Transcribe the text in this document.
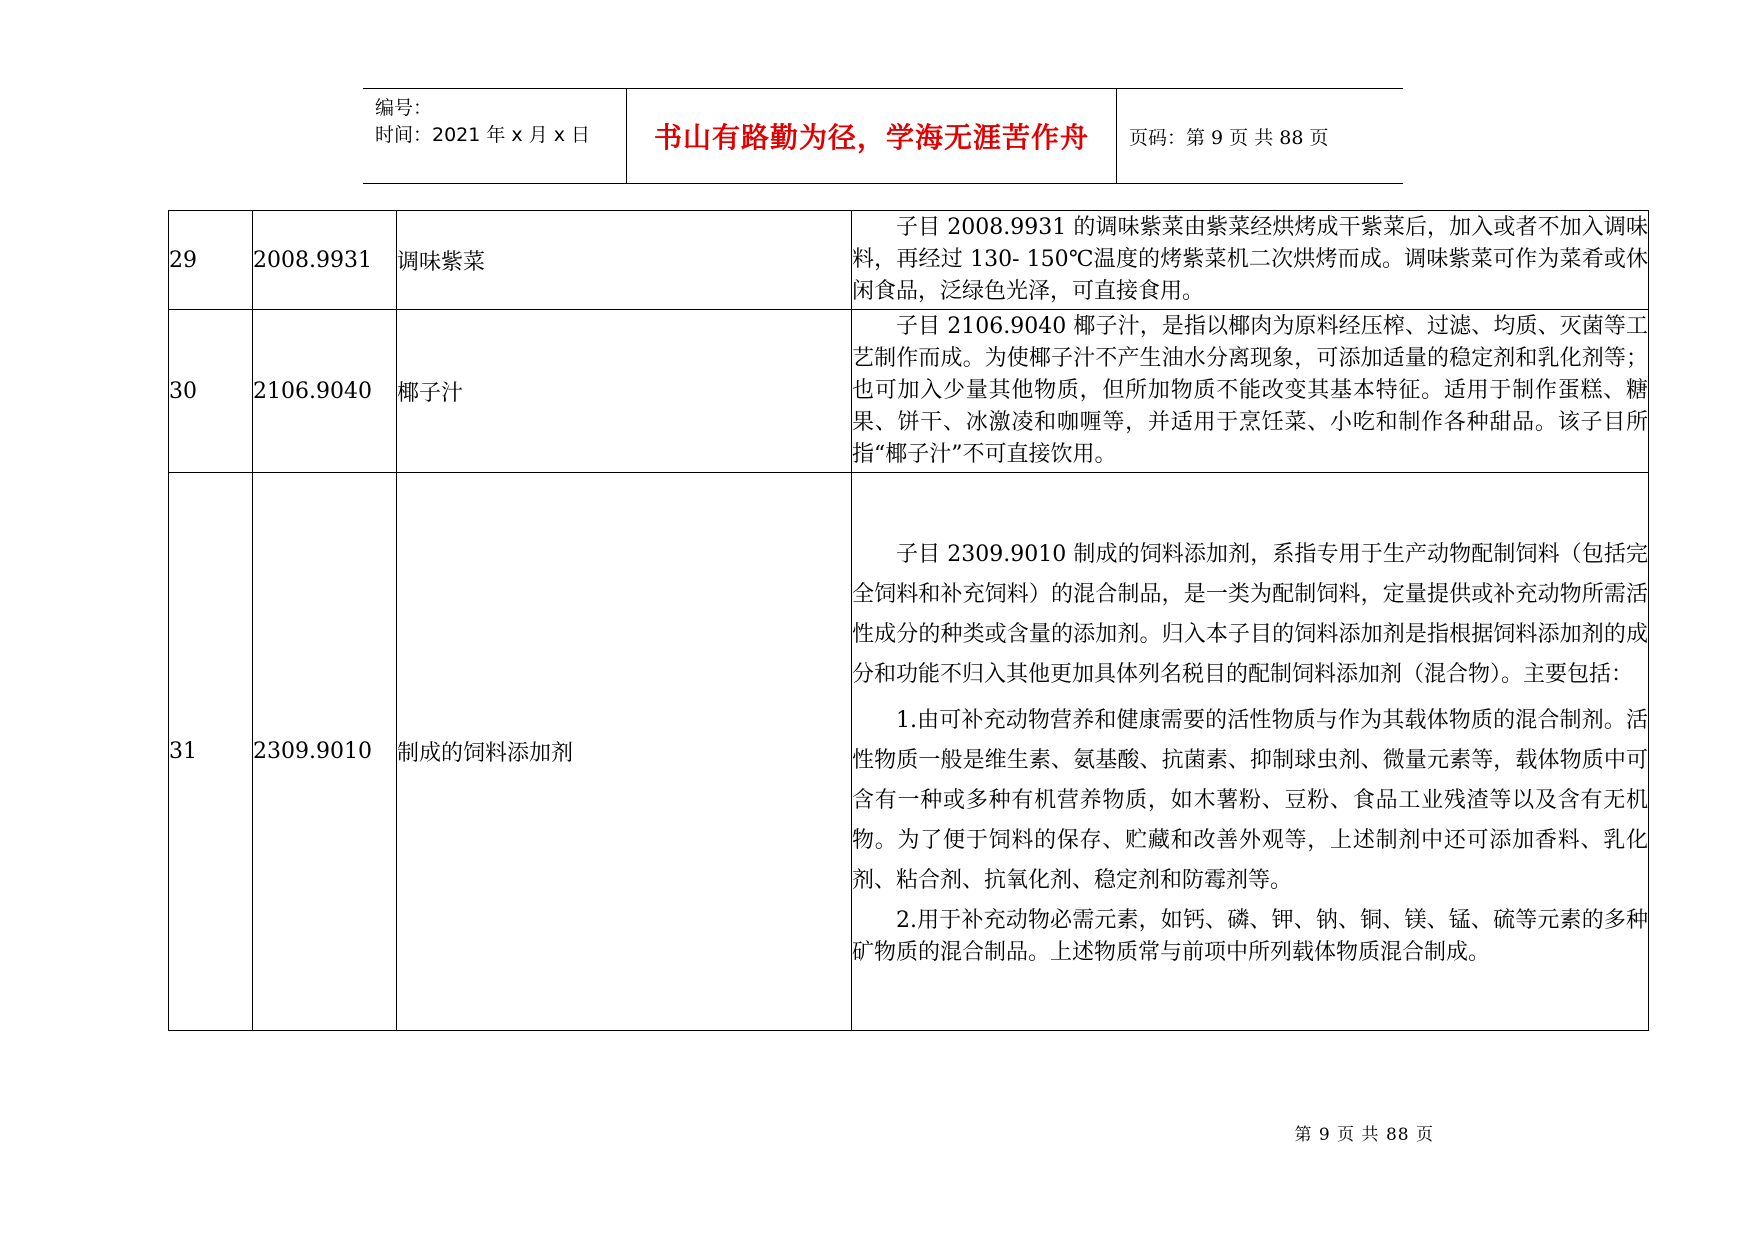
编号：
时间：2021 年 x 月 x 日	书山有路勤为径，学海无涯苦作舟	页码：第 9 页 共 88 页
29	2008.9931	调味紫菜	子目 2008.9931 的调味紫菜由紫菜经烘烤成干紫菜后，加入或者不加入调味料，再经过 130- 150℃温度的烤紫菜机二次烘烤而成。调味紫菜可作为菜肴或休闲食品，泛绿色光泽，可直接食用。

30	2106.9040	椰子汁	子目 2106.9040 椰子汁，是指以椰肉为原料经压榨、过滤、均质、灭菌等工艺制作而成。为使椰子汁不产生油水分离现象，可添加适量的稳定剂和乳化剂等；也可加入少量其他物质，但所加物质不能改变其基本特征。适用于制作蛋糕、糖果、饼干、冰激凌和咖喱等，并适用于烹饪菜、小吃和制作各种甜品。该子目所指“椰子汁”不可直接饮用。

31	2309.9010	制成的饲料添加剂	子目 2309.9010 制成的饲料添加剂，系指专用于生产动物配制饲料（包括完全饲料和补充饲料）的混合制品，是一类为配制饲料，定量提供或补充动物所需活性成分的种类或含量的添加剂。归入本子目的饲料添加剂是指根据饲料添加剂的成分和功能不归入其他更加具体列名税目的配制饲料添加剂（混合物）。主要包括：

1.由可补充动物营养和健康需要的活性物质与作为其载体物质的混合制剂。活性物质一般是维生素、氨基酸、抗菌素、抑制球虫剂、微量元素等，载体物质中可含有一种或多种有机营养物质，如木薯粉、豆粉、食品工业残渣等以及含有无机物。为了便于饲料的保存、贮藏和改善外观等，上述制剂中还可添加香料、乳化剂、粘合剂、抗氧化剂、稳定剂和防霉剂等。

2.用于补充动物必需元素，如钙、磷、钾、钠、铜、镁、锰、硫等元素的多种矿物质的混合制品。上述物质常与前项中所列载体物质混合制成。

第 9 页 共 88 页
